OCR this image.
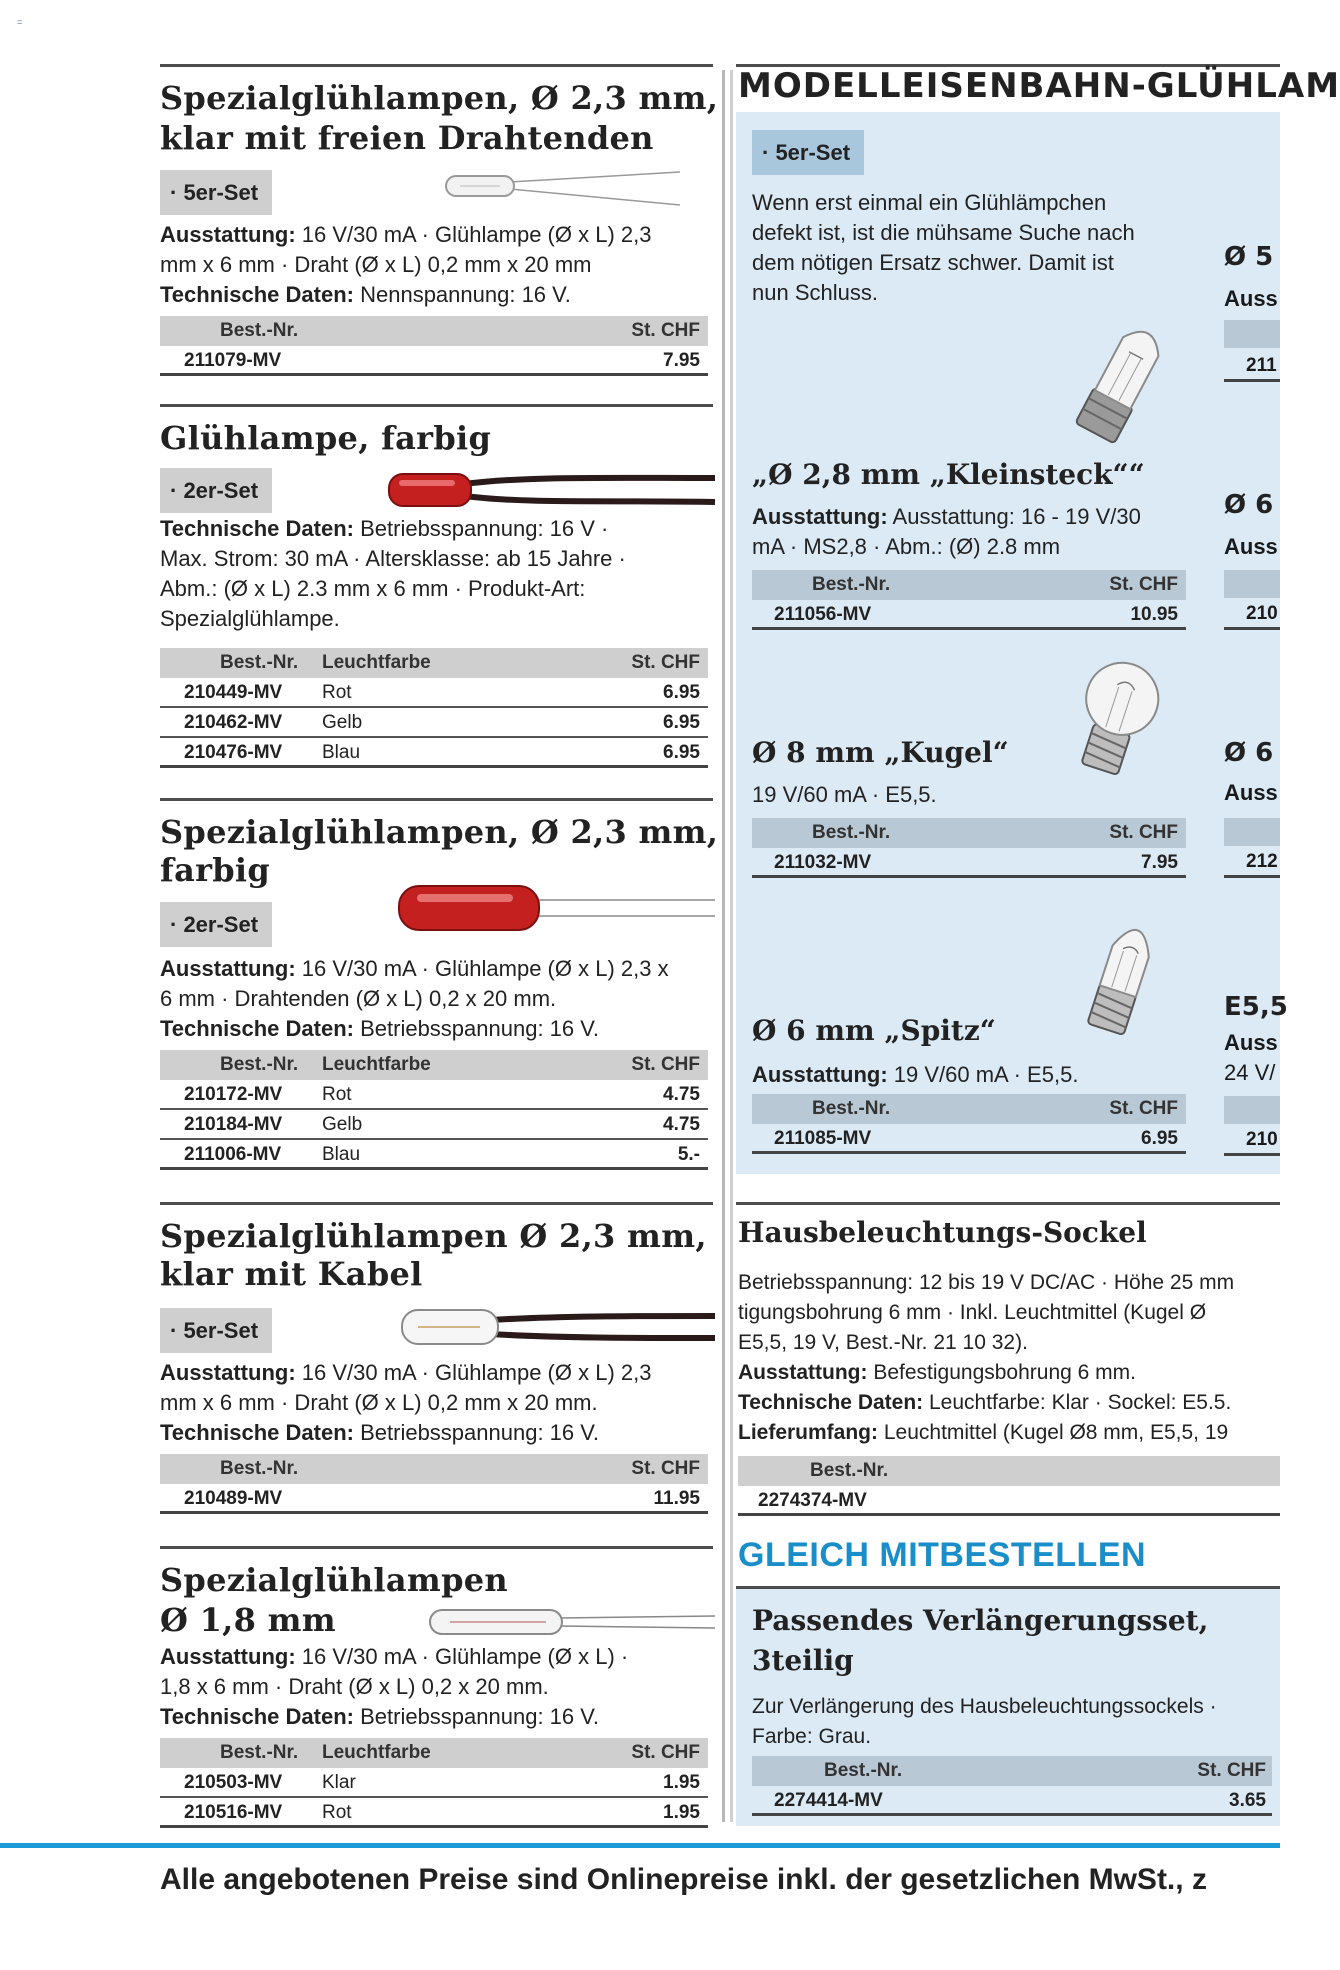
=
Spezialglühlampen, Ø 2,3 mm,
klar mit freien Drahtenden
· 5er-Set
Ausstattung: 16 V/30 mA · Glühlampe (Ø x L) 2,3
mm x 6 mm · Draht (Ø x L) 0,2 mm x 20 mm
Technische Daten: Nennspannung: 16 V.
Best.-Nr.	St. CHF
211079-MV	7.95
Glühlampe, farbig
· 2er-Set
Technische Daten: Betriebsspannung: 16 V ·
Max. Strom: 30 mA · Altersklasse: ab 15 Jahre ·
Abm.: (Ø x L) 2.3 mm x 6 mm · Produkt-Art:
Spezialglühlampe.
Best.-Nr. Leuchtfarbe	St. CHF
210449-MV Rot	6.95
210462-MV Gelb	6.95
210476-MV Blau	6.95
Spezialglühlampen, Ø 2,3 mm,
farbig
· 2er-Set
Ausstattung: 16 V/30 mA · Glühlampe (Ø x L) 2,3 x
6 mm · Drahtenden (Ø x L) 0,2 x 20 mm.
Technische Daten: Betriebsspannung: 16 V.
Best.-Nr. Leuchtfarbe	St. CHF
210172-MV Rot	4.75
210184-MV Gelb	4.75
211006-MV Blau	5.-
Spezialglühlampen Ø 2,3 mm,
klar mit Kabel
· 5er-Set
Ausstattung: 16 V/30 mA · Glühlampe (Ø x L) 2,3
mm x 6 mm · Draht (Ø x L) 0,2 mm x 20 mm.
Technische Daten: Betriebsspannung: 16 V.
Best.-Nr.	St. CHF
210489-MV	11.95
Spezialglühlampen
Ø 1,8 mm
Ausstattung: 16 V/30 mA · Glühlampe (Ø x L) ·
1,8 x 6 mm · Draht (Ø x L) 0,2 x 20 mm.
Technische Daten: Betriebsspannung: 16 V.
Best.-Nr. Leuchtfarbe	St. CHF
210503-MV Klar	1.95
210516-MV Rot	1.95
MODELLEISENBAHN-GLÜHLAM
· 5er-Set
Wenn erst einmal ein Glühlämpchen
defekt ist, ist die mühsame Suche nach
dem nötigen Ersatz schwer. Damit ist
nun Schluss.
„Ø 2,8 mm „Kleinsteck““
Ausstattung: Ausstattung: 16 - 19 V/30
mA · MS2,8 · Abm.: (Ø) 2.8 mm
Best.-Nr.	St. CHF
211056-MV	10.95
Ø 8 mm „Kugel“
19 V/60 mA · E5,5.
Best.-Nr.	St. CHF
211032-MV	7.95
Ø 6 mm „Spitz“
Ausstattung: 19 V/60 mA · E5,5.
Best.-Nr.	St. CHF
211085-MV	6.95
Ø 5
Auss
211
Ø 6
Auss
210
Ø 6
Auss
212
E5,5
Auss
24 V/
210
Hausbeleuchtungs-Sockel
Betriebsspannung: 12 bis 19 V DC/AC · Höhe 25 mm
tigungsbohrung 6 mm · Inkl. Leuchtmittel (Kugel Ø
E5,5, 19 V, Best.-Nr. 21 10 32).
Ausstattung: Befestigungsbohrung 6 mm.
Technische Daten: Leuchtfarbe: Klar · Sockel: E5.5.
Lieferumfang: Leuchtmittel (Kugel Ø8 mm, E5,5, 19
Best.-Nr.
2274374-MV
GLEICH MITBESTELLEN
Passendes Verlängerungsset,
3teilig
Zur Verlängerung des Hausbeleuchtungssockels ·
Farbe: Grau.
Best.-Nr.	St. CHF
2274414-MV	3.65
Alle angebotenen Preise sind Onlinepreise inkl. der gesetzlichen MwSt., z
